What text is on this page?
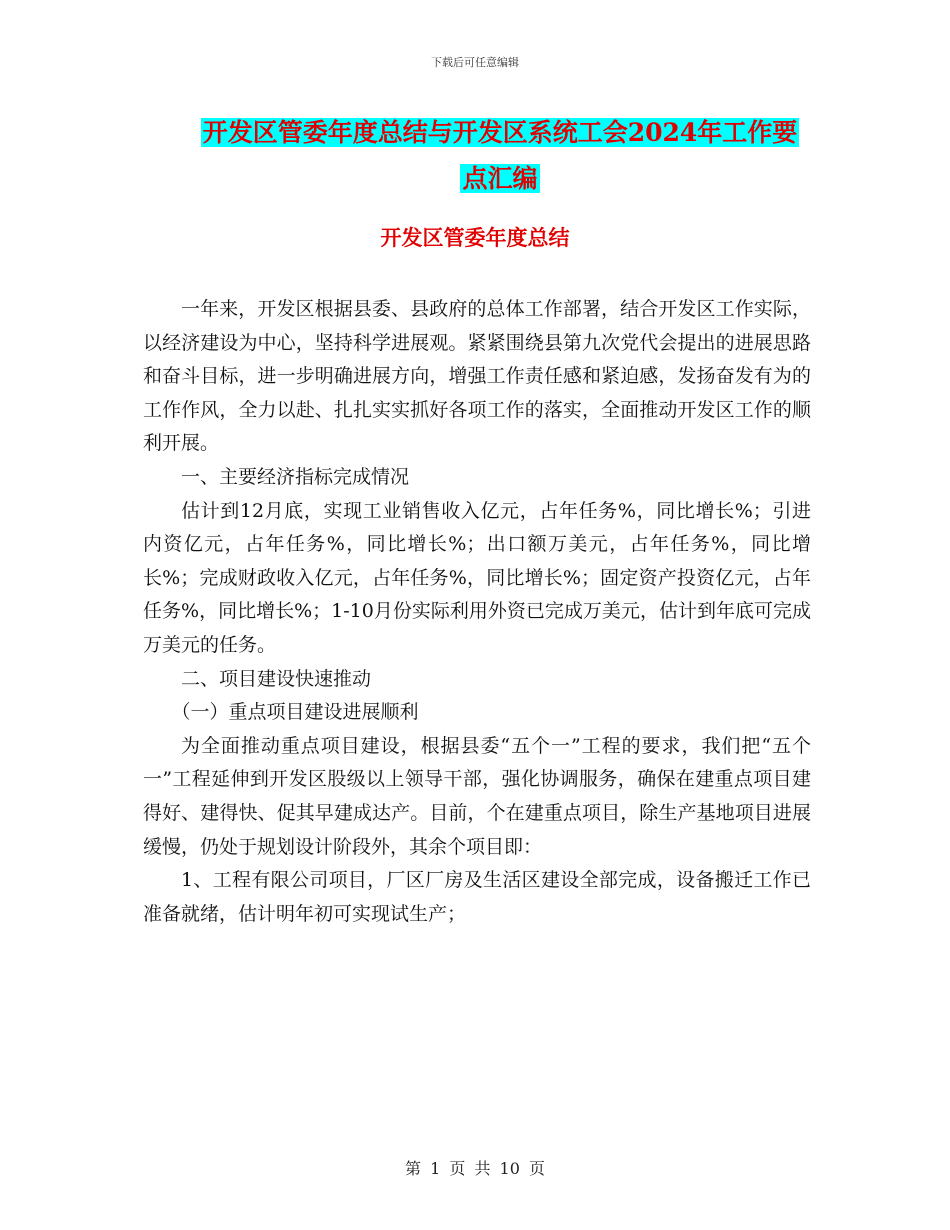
下载后可任意编辑
开发区管委年度总结与开发区系统工会2024年工作要
点汇编
开发区管委年度总结

一年来，开发区根据县委、县政府的总体工作部署，结合开发区工作实际，以经济建设为中心，坚持科学进展观。紧紧围绕县第九次党代会提出的进展思路和奋斗目标，进一步明确进展方向，增强工作责任感和紧迫感，发扬奋发有为的工作作风，全力以赴、扎扎实实抓好各项工作的落实，全面推动开发区工作的顺利开展。

一、主要经济指标完成情况

估计到12月底，实现工业销售收入亿元，占年任务%，同比增长%；引进内资亿元，占年任务%，同比增长%；出口额万美元，占年任务%，同比增长%；完成财政收入亿元，占年任务%，同比增长%；固定资产投资亿元，占年任务%，同比增长%；1-10月份实际利用外资已完成万美元，估计到年底可完成万美元的任务。

二、项目建设快速推动

（一）重点项目建设进展顺利

为全面推动重点项目建设，根据县委“五个一”工程的要求，我们把“五个一”工程延伸到开发区股级以上领导干部，强化协调服务，确保在建重点项目建得好、建得快、促其早建成达产。目前，个在建重点项目，除生产基地项目进展缓慢，仍处于规划设计阶段外，其余个项目即：

1、工程有限公司项目，厂区厂房及生活区建设全部完成，设备搬迁工作已准备就绪，估计明年初可实现试生产；

第 1 页 共 10 页
